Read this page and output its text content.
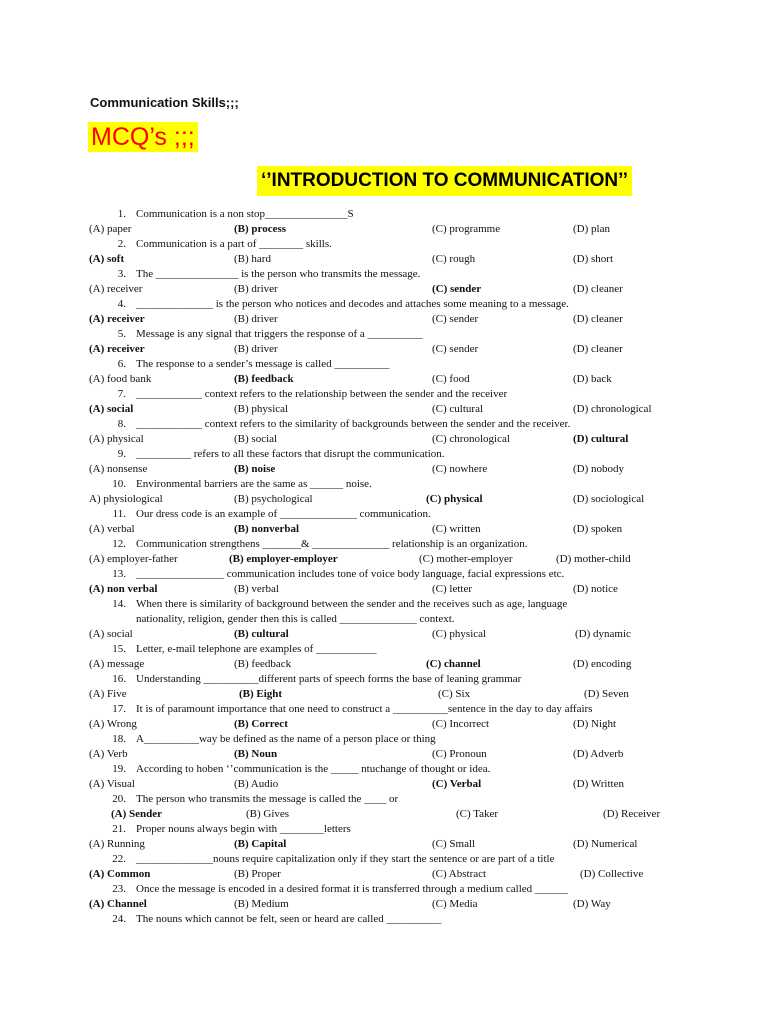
Communication Skills;;;
MCQ’s ;;;
‘’INTRODUCTION TO COMMUNICATION’’
1. Communication is a non stop_______________S
(A) paper	(B) process	(C) programme	(D) plan
2. Communication is a part of ________ skills.
(A) soft	(B) hard	(C) rough	(D) short
3. The _______________ is the person who transmits the message.
(A) receiver	(B) driver	(C) sender	(D) cleaner
4. ______________ is the person who notices and decodes and attaches some meaning to a message.
(A) receiver	(B) driver	(C) sender	(D) cleaner
5. Message is any signal that triggers the response of a __________
(A) receiver	(B) driver	(C) sender	(D) cleaner
6. The response to a sender’s message is called __________
(A) food bank	(B) feedback	(C) food	(D) back
7. ____________ context refers to the relationship between the sender and the receiver
(A) social	(B) physical	(C) cultural	(D) chronological
8. ____________ context refers to the similarity of backgrounds between the sender and the receiver.
(A) physical	(B) social	(C) chronological	(D) cultural
9. __________ refers to all these factors that disrupt the communication.
(A) nonsense	(B) noise	(C) nowhere	(D) nobody
10. Environmental barriers are the same as ______ noise.
A) physiological	(B) psychological	(C) physical	(D) sociological
11. Our dress code is an example of ______________ communication.
(A) verbal	(B) nonverbal	(C) written	(D) spoken
12. Communication strengthens _______& ______________ relationship is an organization.
(A) employer-father	(B) employer-employer	(C) mother-employer	(D) mother-child
13. ________________ communication includes tone of voice body language, facial expressions etc.
(A) non verbal	(B) verbal	(C) letter	(D) notice
14. When there is similarity of background between the sender and the receives such as age, language
nationality, religion, gender then this is called ______________ context.
(A) social	(B) cultural	(C) physical	(D) dynamic
15. Letter, e-mail telephone are examples of ___________
(A) message	(B) feedback	(C) channel	(D) encoding
16. Understanding __________different parts of speech forms the base of leaning grammar
(A) Five	(B) Eight	(C) Six	(D) Seven
17. It is of paramount importance that one need to construct a __________sentence in the day to day affairs
(A) Wrong	(B) Correct	(C) Incorrect	(D) Night
18. A__________way be defined as the name of a person place or thing
(A) Verb	(B) Noun	(C) Pronoun	(D) Adverb
19. According to hoben ‘’communication is the _____ ntuchange of thought or idea.
(A) Visual	(B) Audio	(C) Verbal	(D) Written
20. The person who transmits the message is called the ____ or
(A) Sender	(B) Gives	(C) Taker	(D) Receiver
21. Proper nouns always begin with ________letters
(A) Running	(B) Capital	(C) Small	(D) Numerical
22. ______________nouns require capitalization only if they start the sentence or are part of a title
(A) Common	(B) Proper	(C) Abstract	(D) Collective
23. Once the message is encoded in a desired format it is transferred through a medium called ______
(A) Channel	(B) Medium	(C) Media	(D) Way
24. The nouns which cannot be felt, seen or heard are called __________
